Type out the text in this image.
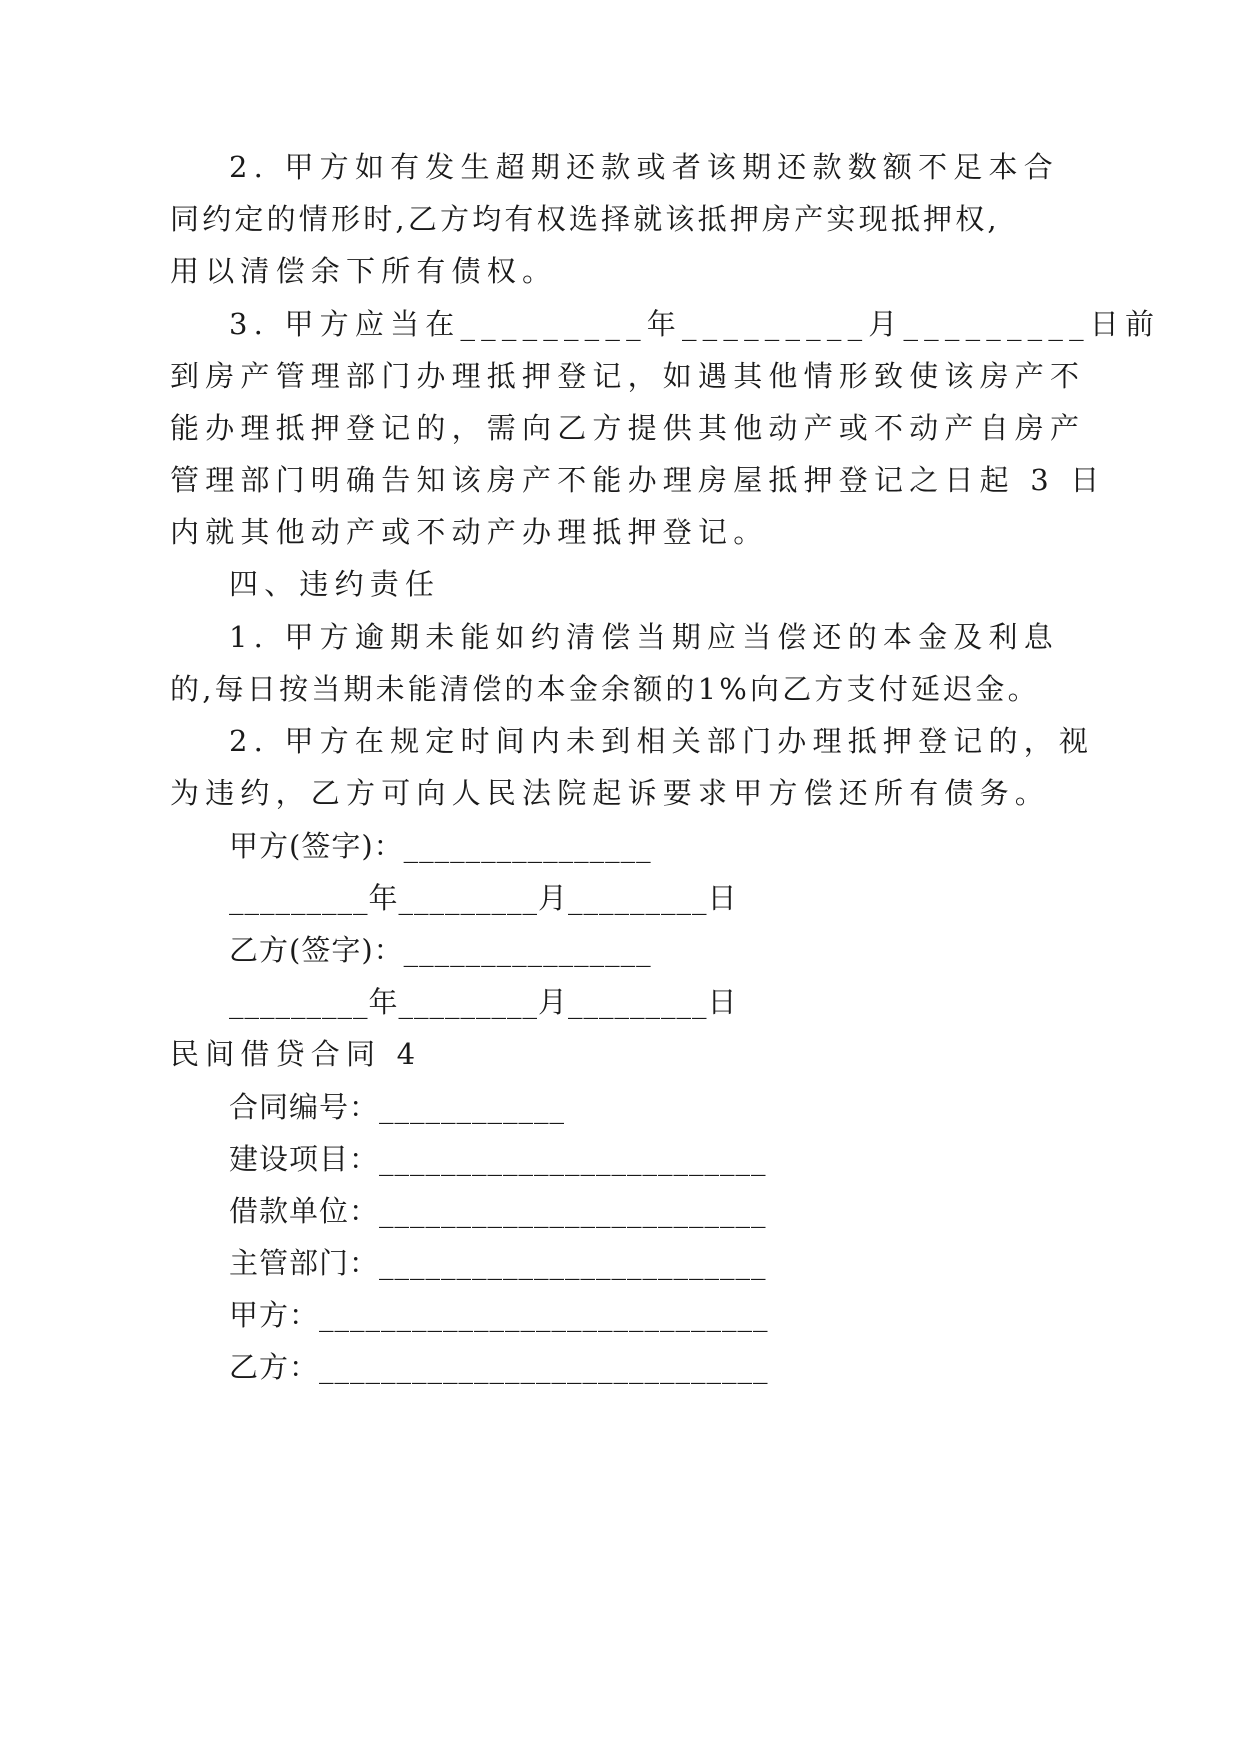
2. 甲方如有发生超期还款或者该期还款数额不足本合
同约定的情形时,乙方均有权选择就该抵押房产实现抵押权,
用以清偿余下所有债权。
3. 甲方应当在_________年_________月_________日前
到房产管理部门办理抵押登记，如遇其他情形致使该房产不
能办理抵押登记的，需向乙方提供其他动产或不动产自房产
管理部门明确告知该房产不能办理房屋抵押登记之日起 3 日
内就其他动产或不动产办理抵押登记。
四、违约责任
1. 甲方逾期未能如约清偿当期应当偿还的本金及利息
的,每日按当期未能清偿的本金余额的1%向乙方支付延迟金。
2. 甲方在规定时间内未到相关部门办理抵押登记的，视
为违约，乙方可向人民法院起诉要求甲方偿还所有债务。
甲方(签字)：________________
_________年_________月_________日
乙方(签字)：________________
_________年_________月_________日
民间借贷合同 4
合同编号：____________
建设项目：_________________________
借款单位：_________________________
主管部门：_________________________
甲方：_____________________________
乙方：_____________________________
